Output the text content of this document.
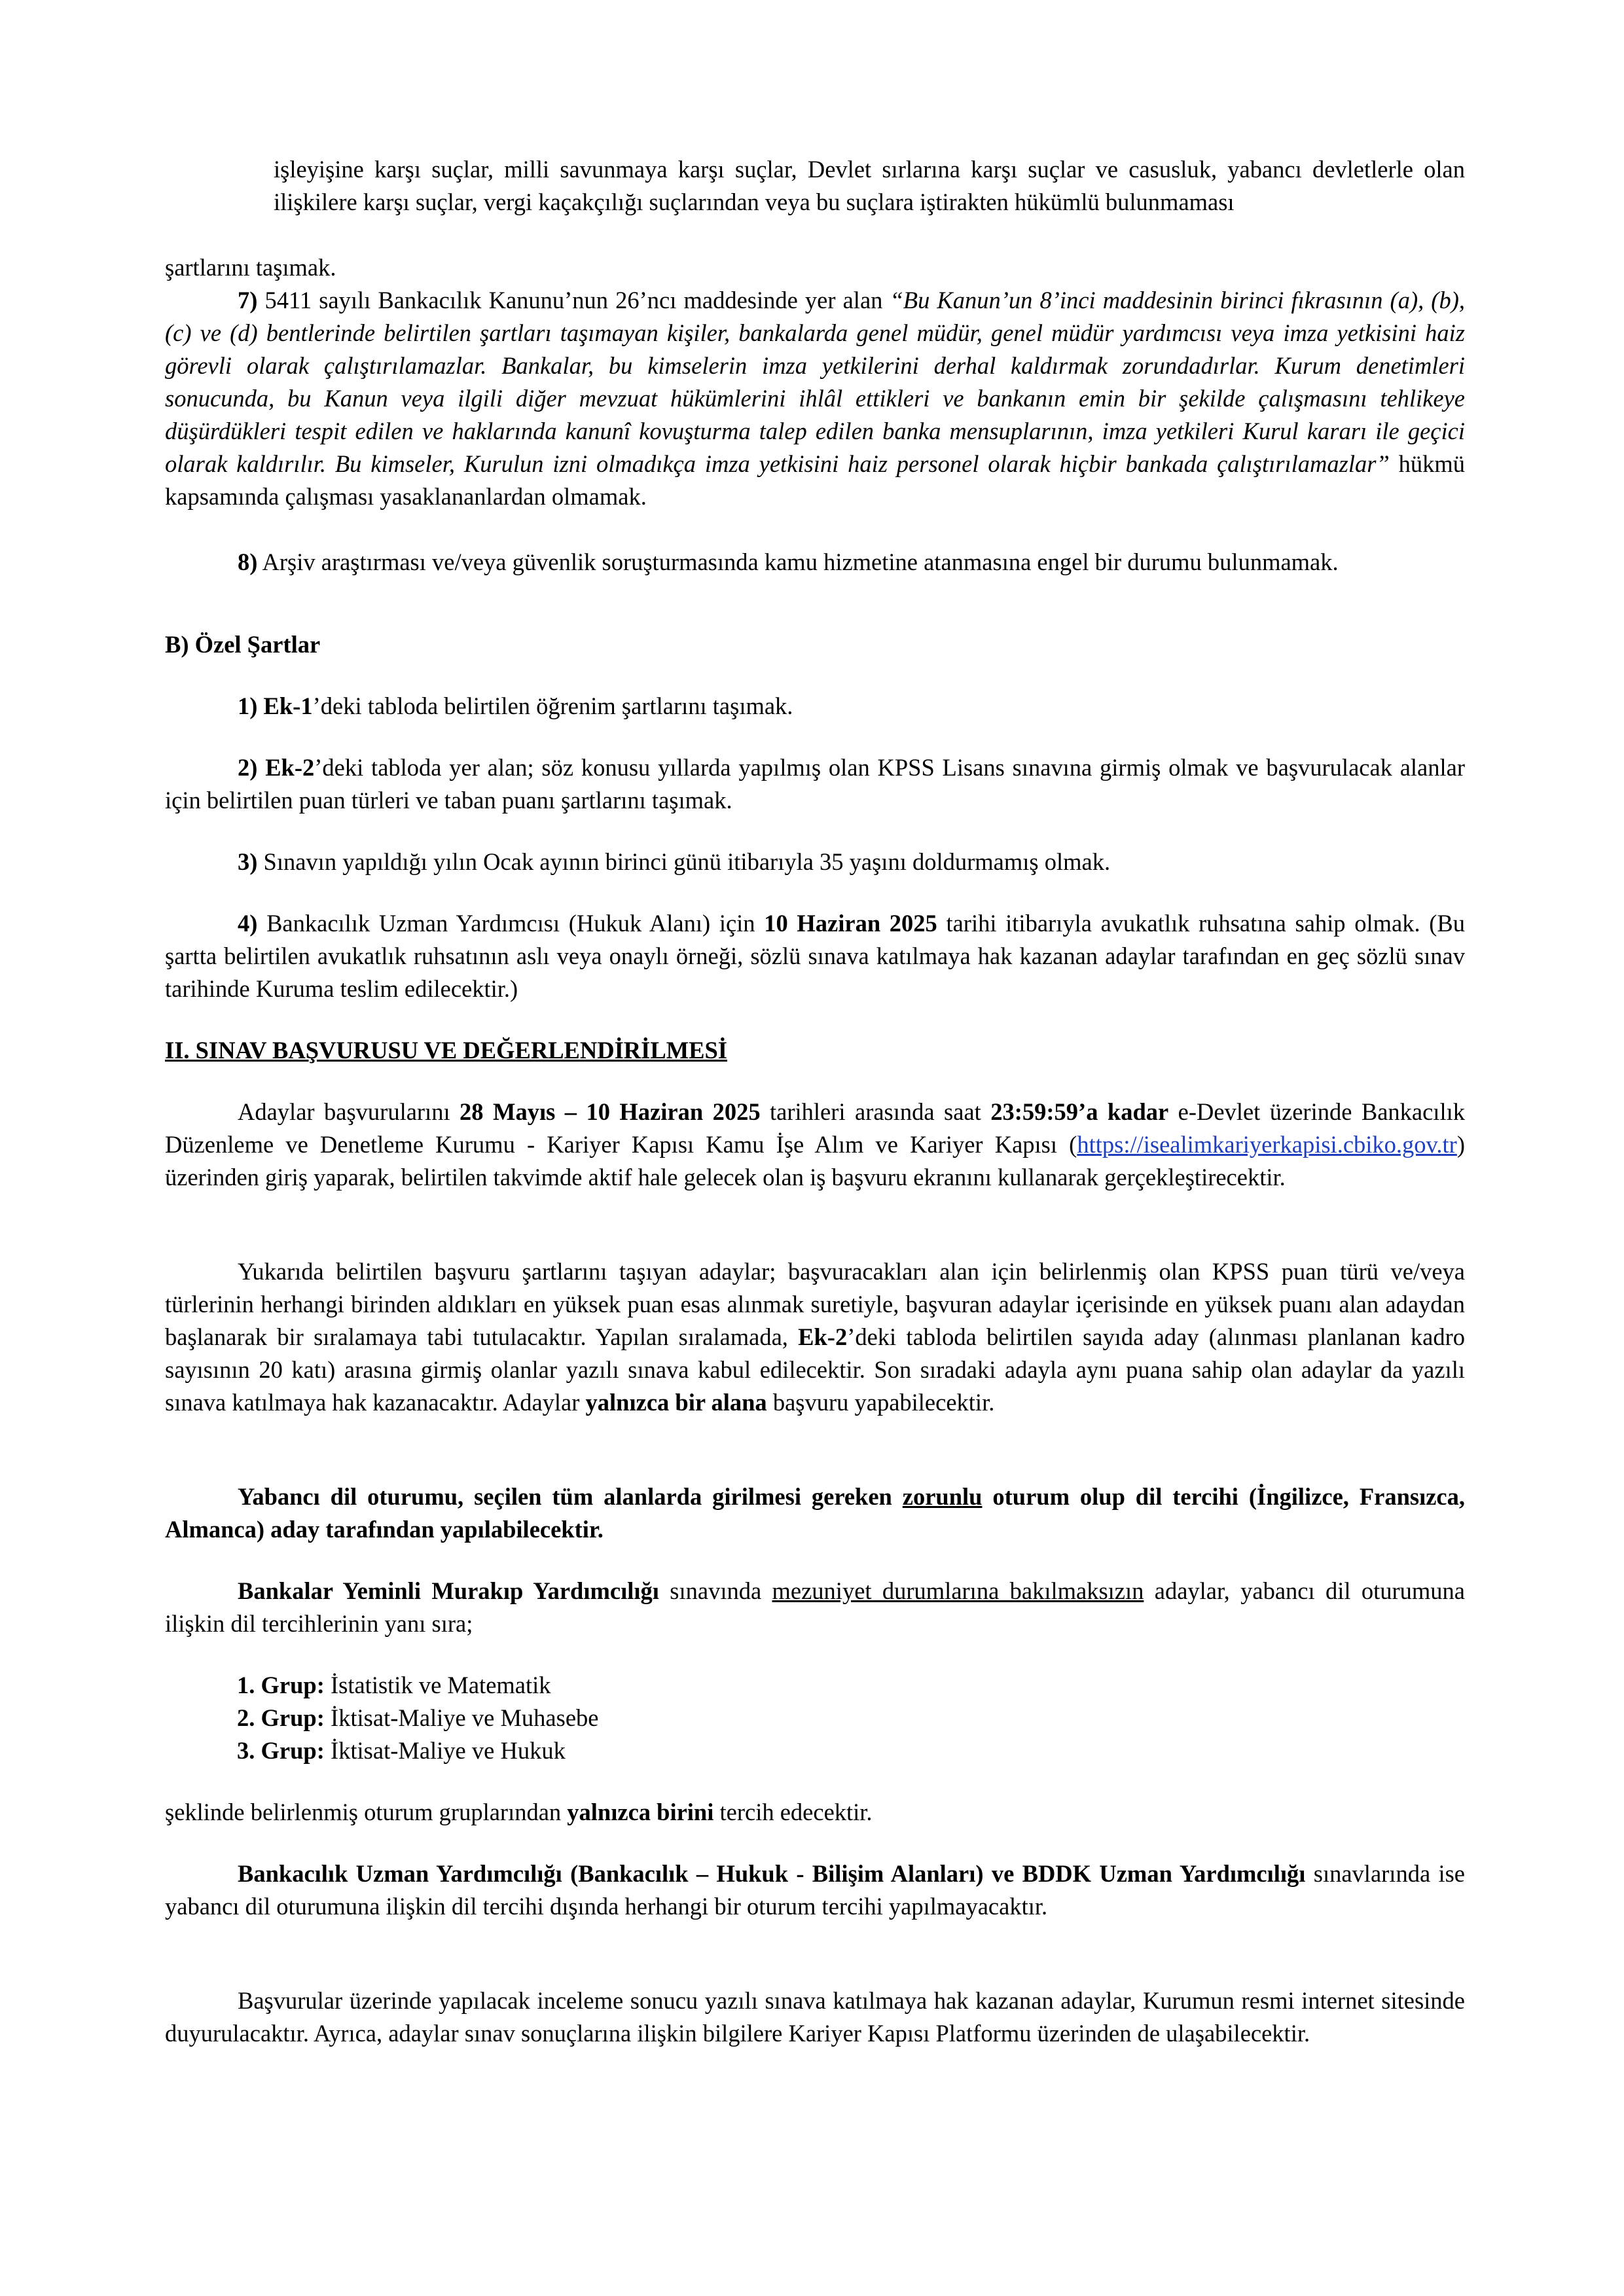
işleyişine karşı suçlar, milli savunmaya karşı suçlar, Devlet sırlarına karşı suçlar ve casusluk, yabancı devletlerle olan ilişkilere karşı suçlar, vergi kaçakçılığı suçlarından veya bu suçlara iştirakten hükümlü bulunmaması

şartlarını taşımak.

7) 5411 sayılı Bankacılık Kanunu’nun 26’ncı maddesinde yer alan “Bu Kanun’un 8’inci maddesinin birinci fıkrasının (a), (b), (c) ve (d) bentlerinde belirtilen şartları taşımayan kişiler, bankalarda genel müdür, genel müdür yardımcısı veya imza yetkisini haiz görevli olarak çalıştırılamazlar. Bankalar, bu kimselerin imza yetkilerini derhal kaldırmak zorundadırlar. Kurum denetimleri sonucunda, bu Kanun veya ilgili diğer mevzuat hükümlerini ihlâl ettikleri ve bankanın emin bir şekilde çalışmasını tehlikeye düşürdükleri tespit edilen ve haklarında kanunî kovuşturma talep edilen banka mensuplarının, imza yetkileri Kurul kararı ile geçici olarak kaldırılır. Bu kimseler, Kurulun izni olmadıkça imza yetkisini haiz personel olarak hiçbir bankada çalıştırılamazlar” hükmü kapsamında çalışması yasaklananlardan olmamak.

8) Arşiv araştırması ve/veya güvenlik soruşturmasında kamu hizmetine atanmasına engel bir durumu bulunmamak.

B) Özel Şartlar

1) Ek-1’deki tabloda belirtilen öğrenim şartlarını taşımak.

2) Ek-2’deki tabloda yer alan; söz konusu yıllarda yapılmış olan KPSS Lisans sınavına girmiş olmak ve başvurulacak alanlar için belirtilen puan türleri ve taban puanı şartlarını taşımak.

3) Sınavın yapıldığı yılın Ocak ayının birinci günü itibarıyla 35 yaşını doldurmamış olmak.

4) Bankacılık Uzman Yardımcısı (Hukuk Alanı) için 10 Haziran 2025 tarihi itibarıyla avukatlık ruhsatına sahip olmak. (Bu şartta belirtilen avukatlık ruhsatının aslı veya onaylı örneği, sözlü sınava katılmaya hak kazanan adaylar tarafından en geç sözlü sınav tarihinde Kuruma teslim edilecektir.)

II. SINAV BAŞVURUSU VE DEĞERLENDİRİLMESİ

Adaylar başvurularını 28 Mayıs – 10 Haziran 2025 tarihleri arasında saat 23:59:59’a kadar e-Devlet üzerinde Bankacılık Düzenleme ve Denetleme Kurumu - Kariyer Kapısı Kamu İşe Alım ve Kariyer Kapısı (https://isealimkariyerkapisi.cbiko.gov.tr) üzerinden giriş yaparak, belirtilen takvimde aktif hale gelecek olan iş başvuru ekranını kullanarak gerçekleştirecektir.

Yukarıda belirtilen başvuru şartlarını taşıyan adaylar; başvuracakları alan için belirlenmiş olan KPSS puan türü ve/veya türlerinin herhangi birinden aldıkları en yüksek puan esas alınmak suretiyle, başvuran adaylar içerisinde en yüksek puanı alan adaydan başlanarak bir sıralamaya tabi tutulacaktır. Yapılan sıralamada, Ek-2’deki tabloda belirtilen sayıda aday (alınması planlanan kadro sayısının 20 katı) arasına girmiş olanlar yazılı sınava kabul edilecektir. Son sıradaki adayla aynı puana sahip olan adaylar da yazılı sınava katılmaya hak kazanacaktır. Adaylar yalnızca bir alana başvuru yapabilecektir.

Yabancı dil oturumu, seçilen tüm alanlarda girilmesi gereken zorunlu oturum olup dil tercihi (İngilizce, Fransızca, Almanca) aday tarafından yapılabilecektir.

Bankalar Yeminli Murakıp Yardımcılığı sınavında mezuniyet durumlarına bakılmaksızın adaylar, yabancı dil oturumuna ilişkin dil tercihlerinin yanı sıra;

1. Grup: İstatistik ve Matematik
2. Grup: İktisat-Maliye ve Muhasebe
3. Grup: İktisat-Maliye ve Hukuk

şeklinde belirlenmiş oturum gruplarından yalnızca birini tercih edecektir.

Bankacılık Uzman Yardımcılığı (Bankacılık – Hukuk - Bilişim Alanları) ve BDDK Uzman Yardımcılığı sınavlarında ise yabancı dil oturumuna ilişkin dil tercihi dışında herhangi bir oturum tercihi yapılmayacaktır.

Başvurular üzerinde yapılacak inceleme sonucu yazılı sınava katılmaya hak kazanan adaylar, Kurumun resmi internet sitesinde duyurulacaktır. Ayrıca, adaylar sınav sonuçlarına ilişkin bilgilere Kariyer Kapısı Platformu üzerinden de ulaşabilecektir.
